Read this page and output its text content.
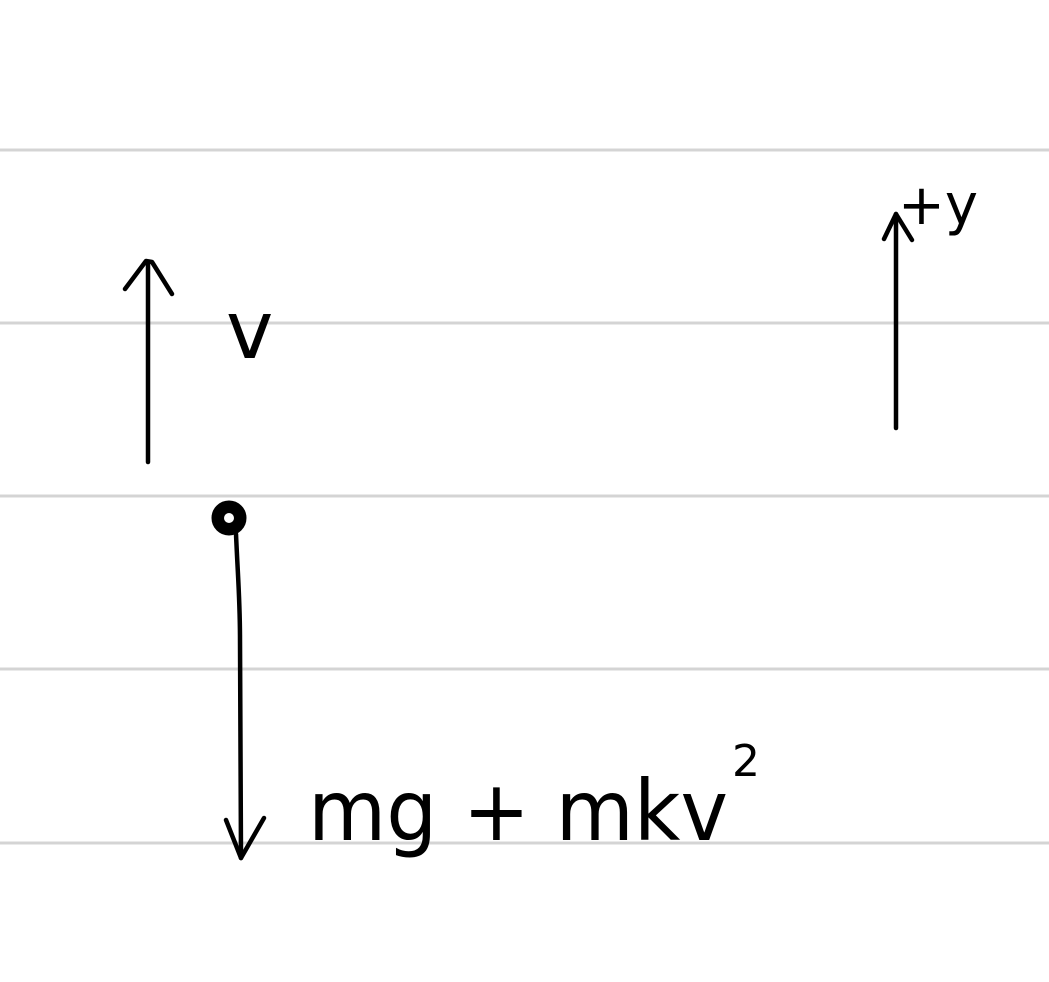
v
+y
mg + mkv
2
